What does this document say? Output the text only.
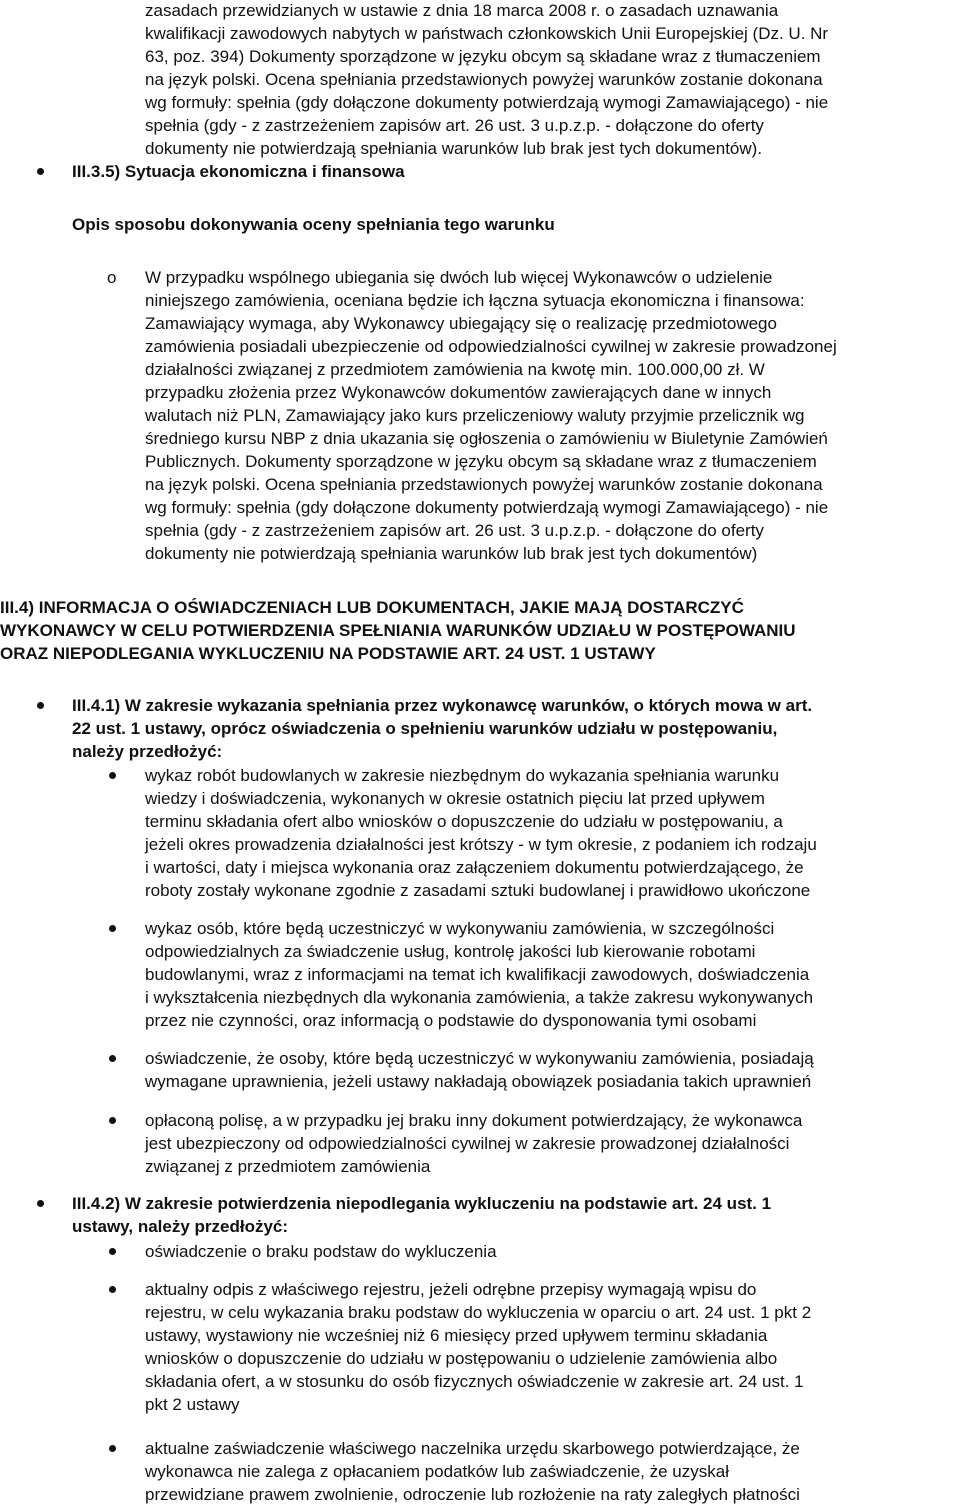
zasadach przewidzianych w ustawie z dnia 18 marca 2008 r. o zasadach uznawania
kwalifikacji zawodowych nabytych w państwach członkowskich Unii Europejskiej (Dz. U. Nr
63, poz. 394) Dokumenty sporządzone w języku obcym są składane wraz z tłumaczeniem
na język polski. Ocena spełniania przedstawionych powyżej warunków zostanie dokonana
wg formuły: spełnia (gdy dołączone dokumenty potwierdzają wymogi Zamawiającego) - nie
spełnia (gdy - z zastrzeżeniem zapisów art. 26 ust. 3 u.p.z.p. - dołączone do oferty
dokumenty nie potwierdzają spełniania warunków lub brak jest tych dokumentów).
III.3.5) Sytuacja ekonomiczna i finansowa
Opis sposobu dokonywania oceny spełniania tego warunku
o W przypadku wspólnego ubiegania się dwóch lub więcej Wykonawców o udzielenie
niniejszego zamówienia, oceniana będzie ich łączna sytuacja ekonomiczna i finansowa:
Zamawiający wymaga, aby Wykonawcy ubiegający się o realizację przedmiotowego
zamówienia posiadali ubezpieczenie od odpowiedzialności cywilnej w zakresie prowadzonej
działalności związanej z przedmiotem zamówienia na kwotę min. 100.000,00 zł. W
przypadku złożenia przez Wykonawców dokumentów zawierających dane w innych
walutach niż PLN, Zamawiający jako kurs przeliczeniowy waluty przyjmie przelicznik wg
średniego kursu NBP z dnia ukazania się ogłoszenia o zamówieniu w Biuletynie Zamówień
Publicznych. Dokumenty sporządzone w języku obcym są składane wraz z tłumaczeniem
na język polski. Ocena spełniania przedstawionych powyżej warunków zostanie dokonana
wg formuły: spełnia (gdy dołączone dokumenty potwierdzają wymogi Zamawiającego) - nie
spełnia (gdy - z zastrzeżeniem zapisów art. 26 ust. 3 u.p.z.p. - dołączone do oferty
dokumenty nie potwierdzają spełniania warunków lub brak jest tych dokumentów)
III.4) INFORMACJA O OŚWIADCZENIACH LUB DOKUMENTACH, JAKIE MAJĄ DOSTARCZYĆ
WYKONAWCY W CELU POTWIERDZENIA SPEŁNIANIA WARUNKÓW UDZIAŁU W POSTĘPOWANIU
ORAZ NIEPODLEGANIA WYKLUCZENIU NA PODSTAWIE ART. 24 UST. 1 USTAWY
III.4.1) W zakresie wykazania spełniania przez wykonawcę warunków, o których mowa w art.
22 ust. 1 ustawy, oprócz oświadczenia o spełnieniu warunków udziału w postępowaniu,
należy przedłożyć:
wykaz robót budowlanych w zakresie niezbędnym do wykazania spełniania warunku
wiedzy i doświadczenia, wykonanych w okresie ostatnich pięciu lat przed upływem
terminu składania ofert albo wniosków o dopuszczenie do udziału w postępowaniu, a
jeżeli okres prowadzenia działalności jest krótszy - w tym okresie, z podaniem ich rodzaju
i wartości, daty i miejsca wykonania oraz załączeniem dokumentu potwierdzającego, że
roboty zostały wykonane zgodnie z zasadami sztuki budowlanej i prawidłowo ukończone
wykaz osób, które będą uczestniczyć w wykonywaniu zamówienia, w szczególności
odpowiedzialnych za świadczenie usług, kontrolę jakości lub kierowanie robotami
budowlanymi, wraz z informacjami na temat ich kwalifikacji zawodowych, doświadczenia
i wykształcenia niezbędnych dla wykonania zamówienia, a także zakresu wykonywanych
przez nie czynności, oraz informacją o podstawie do dysponowania tymi osobami
oświadczenie, że osoby, które będą uczestniczyć w wykonywaniu zamówienia, posiadają
wymagane uprawnienia, jeżeli ustawy nakładają obowiązek posiadania takich uprawnień
opłaconą polisę, a w przypadku jej braku inny dokument potwierdzający, że wykonawca
jest ubezpieczony od odpowiedzialności cywilnej w zakresie prowadzonej działalności
związanej z przedmiotem zamówienia
III.4.2) W zakresie potwierdzenia niepodlegania wykluczeniu na podstawie art. 24 ust. 1
ustawy, należy przedłożyć:
oświadczenie o braku podstaw do wykluczenia
aktualny odpis z właściwego rejestru, jeżeli odrębne przepisy wymagają wpisu do
rejestru, w celu wykazania braku podstaw do wykluczenia w oparciu o art. 24 ust. 1 pkt 2
ustawy, wystawiony nie wcześniej niż 6 miesięcy przed upływem terminu składania
wniosków o dopuszczenie do udziału w postępowaniu o udzielenie zamówienia albo
składania ofert, a w stosunku do osób fizycznych oświadczenie w zakresie art. 24 ust. 1
pkt 2 ustawy
aktualne zaświadczenie właściwego naczelnika urzędu skarbowego potwierdzające, że
wykonawca nie zalega z opłacaniem podatków lub zaświadczenie, że uzyskał
przewidziane prawem zwolnienie, odroczenie lub rozłożenie na raty zaległych płatności
